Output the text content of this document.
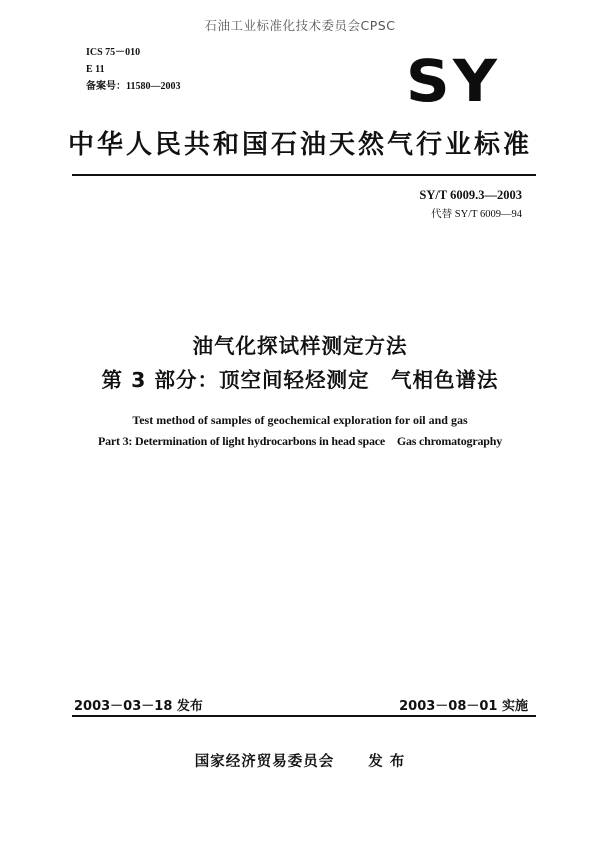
石油工业标准化技术委员会CPSC
ICS 75－010
E 11
备案号：11580—2003	SY
中华人民共和国石油天然气行业标准
SY/T 6009.3—2003
代替 SY/T 6009—94
油气化探试样测定方法
第 3 部分：顶空间轻烃测定　气相色谱法
Test method of samples of geochemical exploration for oil and gas
Part 3: Determination of light hydrocarbons in head space　Gas chromatography
2003－03－18 发布	2003－08－01 实施
国家经济贸易委员会 发 布
